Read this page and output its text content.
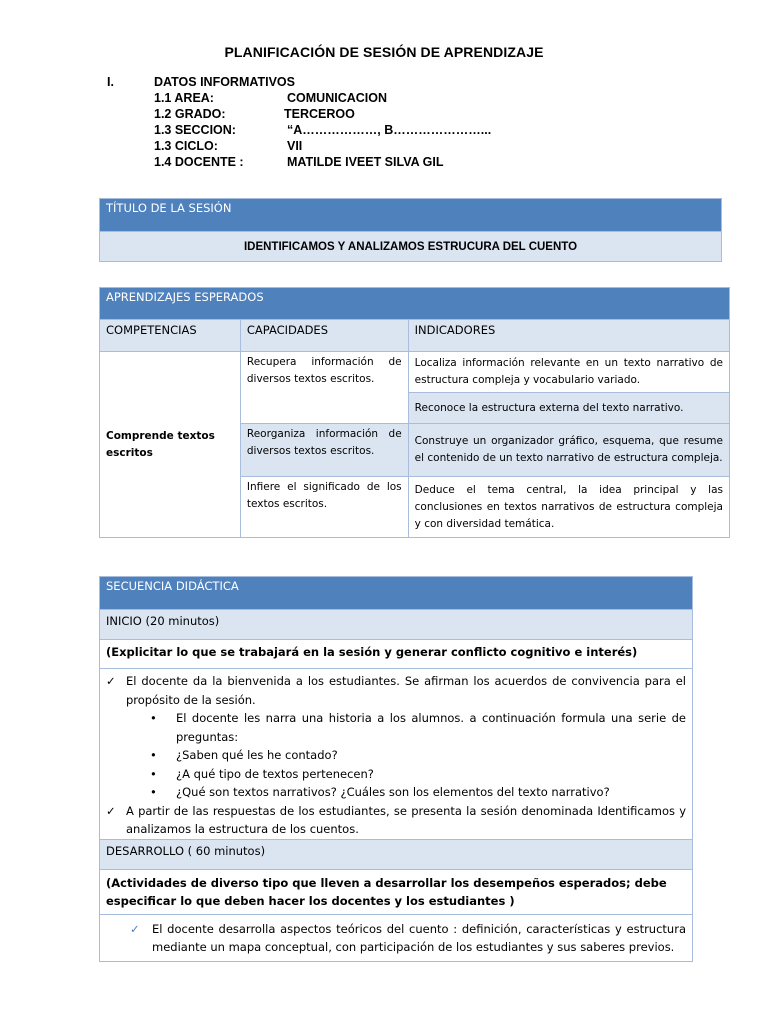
PLANIFICACIÓN DE SESIÓN DE APRENDIZAJE
I.	DATOS INFORMATIVOS
1.1 AREA:	COMUNICACION
1.2 GRADO:	TERCEROO
1.3 SECCION:	“A………………, B…………………...
1.3 CICLO:	VII
1.4 DOCENTE :	MATILDE IVEET SILVA GIL
TÍTULO DE LA SESIÓN
IDENTIFICAMOS Y ANALIZAMOS ESTRUCURA DEL CUENTO
APRENDIZAJES ESPERADOS		
COMPETENCIAS	CAPACIDADES	INDICADORES
Comprende textos escritos	Recupera información de diversos textos escritos.	Localiza información relevante en un texto narrativo de estructura compleja y vocabulario variado.
		Reconoce la estructura externa del texto narrativo.
	Reorganiza información de diversos textos escritos.	Construye un organizador gráfico, esquema, que resume el contenido de un texto narrativo de estructura compleja.
	Infiere el significado de los textos escritos.	Deduce el tema central, la idea principal y las conclusiones en textos narrativos de estructura compleja y con diversidad temática.
SECUENCIA DIDÁCTICA
INICIO (20 minutos)
(Explicitar lo que se trabajará en la sesión y generar conflicto cognitivo e interés)

✓ El docente da la bienvenida a los estudiantes. Se afirman los acuerdos de convivencia para el propósito de la sesión.
• El docente les narra una historia a los alumnos. a continuación formula una serie de preguntas:
• ¿Saben qué les he contado?
• ¿A qué tipo de textos pertenecen?
• ¿Qué son textos narrativos? ¿Cuáles son los elementos del texto narrativo?
✓ A partir de las respuestas de los estudiantes, se presenta la sesión denominada Identificamos y analizamos la estructura de los cuentos.

DESARROLLO ( 60 minutos)
(Actividades de diverso tipo que lleven a desarrollar los desempeños esperados; debe especificar lo que deben hacer los docentes y los estudiantes )

✓ El docente desarrolla aspectos teóricos del cuento : definición, características y estructura mediante un mapa conceptual, con participación de los estudiantes y sus saberes previos.
